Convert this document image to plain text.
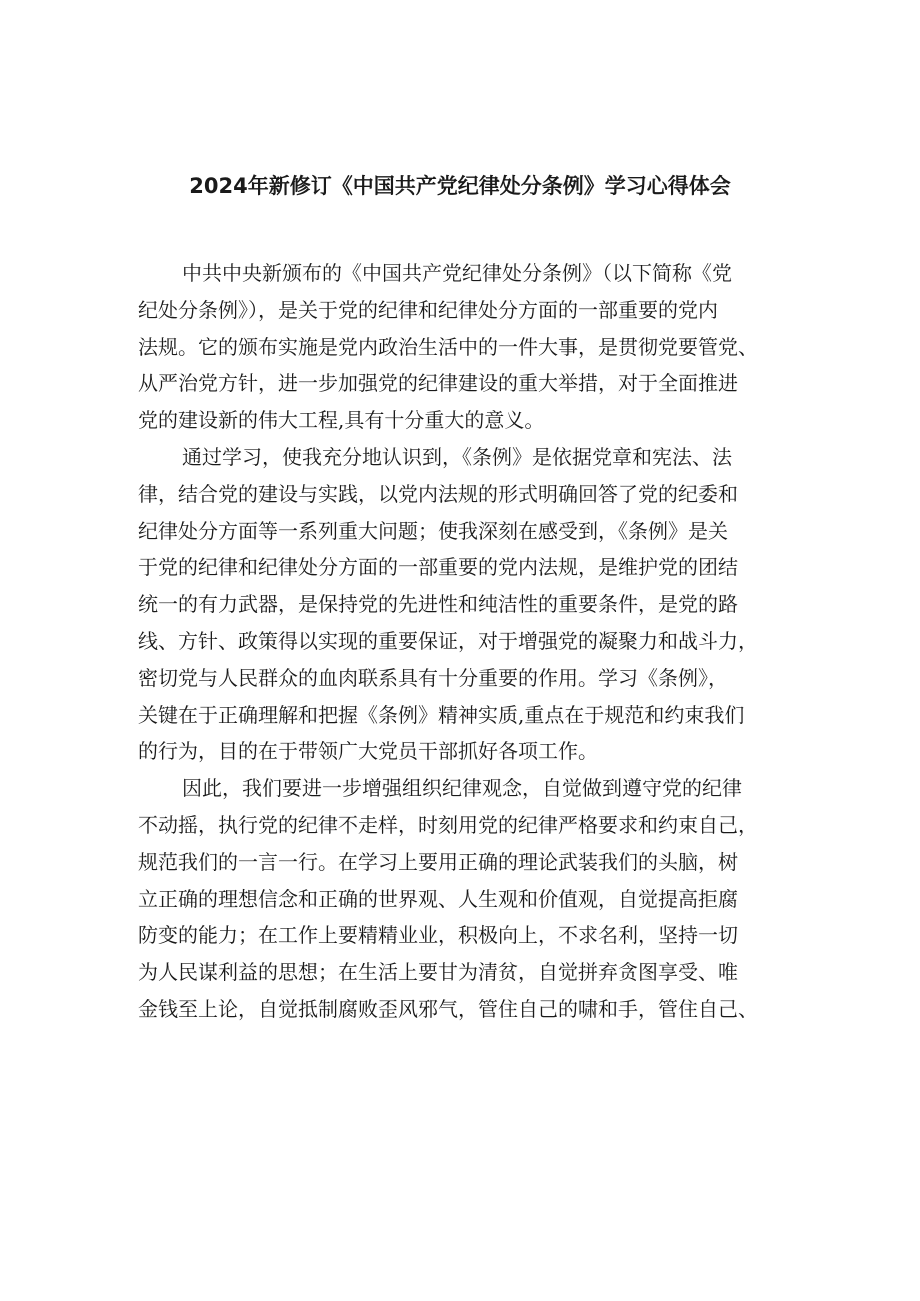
2024年新修订《中国共产党纪律处分条例》学习心得体会

中共中央新颁布的《中国共产党纪律处分条例》（以下简称《党
纪处分条例》），是关于党的纪律和纪律处分方面的一部重要的党内
法规。它的颁布实施是党内政治生活中的一件大事，是贯彻党要管党、
从严治党方针，进一步加强党的纪律建设的重大举措，对于全面推进
党的建设新的伟大工程,具有十分重大的意义。

通过学习，使我充分地认识到，《条例》是依据党章和宪法、法
律，结合党的建设与实践，以党内法规的形式明确回答了党的纪委和
纪律处分方面等一系列重大问题；使我深刻在感受到，《条例》是关
于党的纪律和纪律处分方面的一部重要的党内法规，是维护党的团结
统一的有力武器，是保持党的先进性和纯洁性的重要条件，是党的路
线、方针、政策得以实现的重要保证，对于增强党的凝聚力和战斗力，
密切党与人民群众的血肉联系具有十分重要的作用。学习《条例》，
关键在于正确理解和把握《条例》精神实质,重点在于规范和约束我们
的行为，目的在于带领广大党员干部抓好各项工作。

因此，我们要进一步增强组织纪律观念，自觉做到遵守党的纪律
不动摇，执行党的纪律不走样，时刻用党的纪律严格要求和约束自己，
规范我们的一言一行。在学习上要用正确的理论武装我们的头脑，树
立正确的理想信念和正确的世界观、人生观和价值观，自觉提高拒腐
防变的能力；在工作上要精精业业，积极向上，不求名利，坚持一切
为人民谋利益的思想；在生活上要甘为清贫，自觉拼弃贪图享受、唯
金钱至上论，自觉抵制腐败歪风邪气，管住自己的啸和手，管住自己、
